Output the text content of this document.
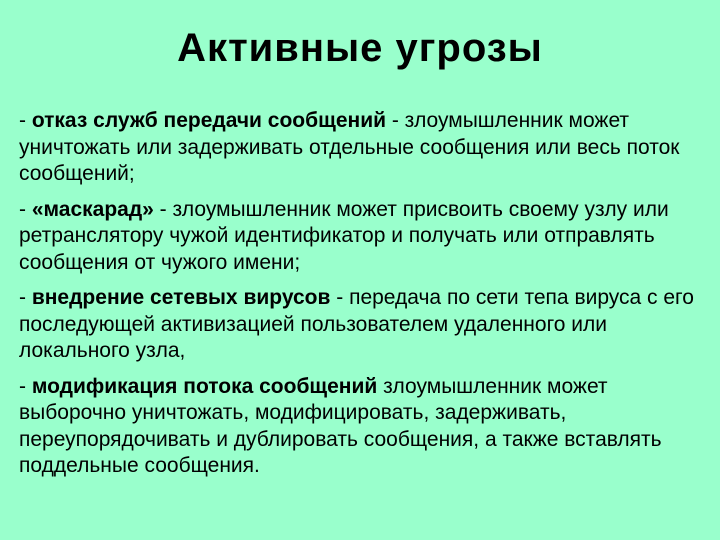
Активные угрозы
- отказ служб передачи сообщений - злоумышленник может уничтожать или задерживать отдельные сообщения или весь поток сообщений;
- «маскарад» - злоумышленник может присвоить своему узлу или ретранслятору чужой идентификатор и получать или отправлять сообщения от чужого имени;
- внедрение сетевых вирусов - передача по сети тепа вируса с его последующей активизацией пользователем удаленного или локального узла,
- модификация потока сообщений злоумышленник может выборочно уничтожать, модифицировать, задерживать, переупорядочивать и дублировать сообщения, а также вставлять поддельные сообщения.
